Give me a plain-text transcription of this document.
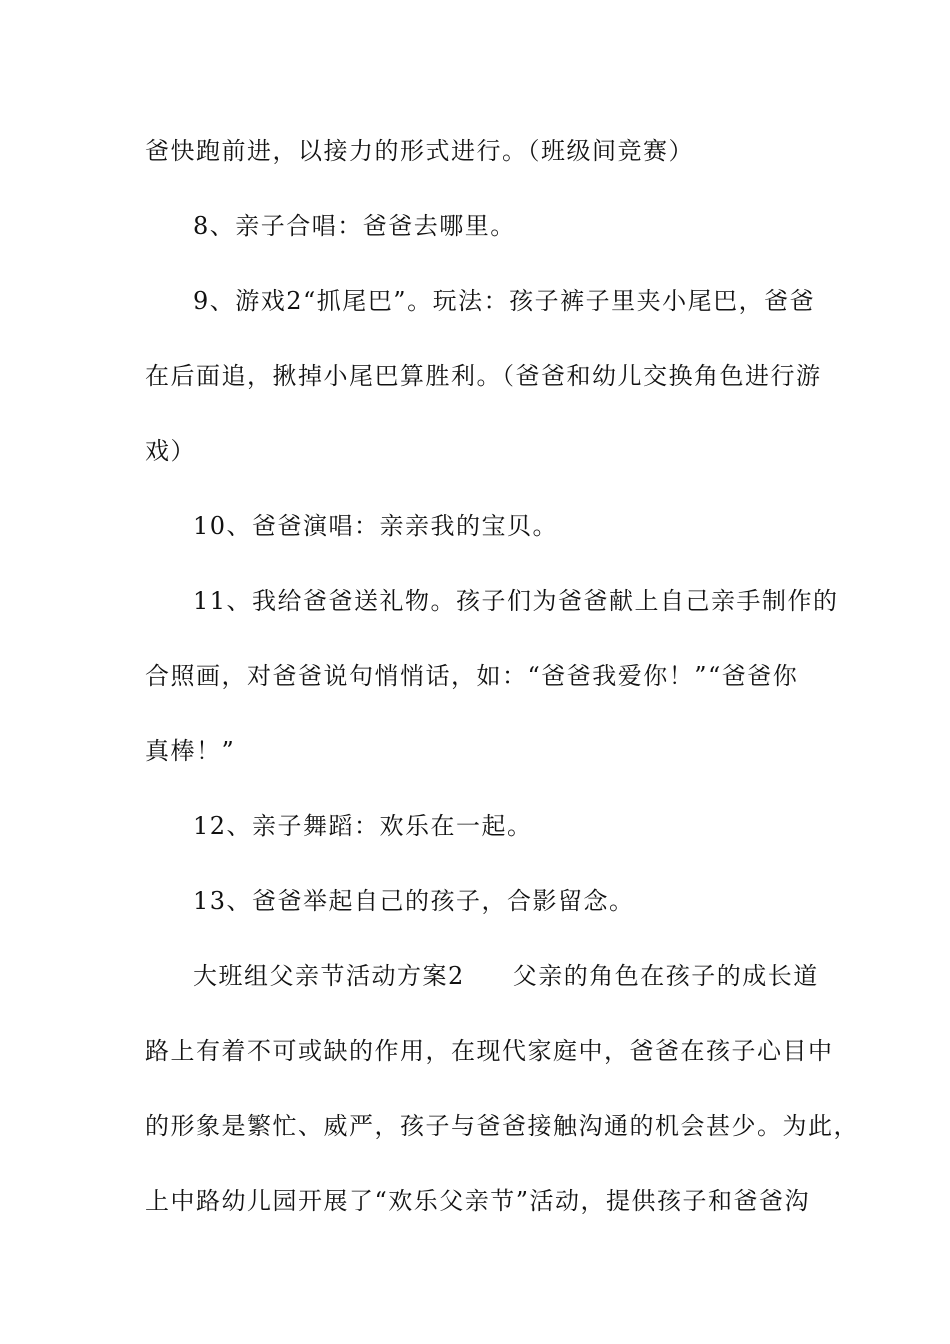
爸快跑前进，以接力的形式进行。（班级间竞赛）
8、亲子合唱：爸爸去哪里。
9、游戏2“抓尾巴”。玩法：孩子裤子里夹小尾巴，爸爸
在后面追，揪掉小尾巴算胜利。（爸爸和幼儿交换角色进行游
戏）
10、爸爸演唱：亲亲我的宝贝。
11、我给爸爸送礼物。孩子们为爸爸献上自己亲手制作的
合照画，对爸爸说句悄悄话，如：“爸爸我爱你！”“爸爸你
真棒！”
12、亲子舞蹈：欢乐在一起。
13、爸爸举起自己的孩子，合影留念。
大班组父亲节活动方案2 父亲的角色在孩子的成长道
路上有着不可或缺的作用，在现代家庭中，爸爸在孩子心目中
的形象是繁忙、威严，孩子与爸爸接触沟通的机会甚少。为此，
上中路幼儿园开展了“欢乐父亲节”活动，提供孩子和爸爸沟
